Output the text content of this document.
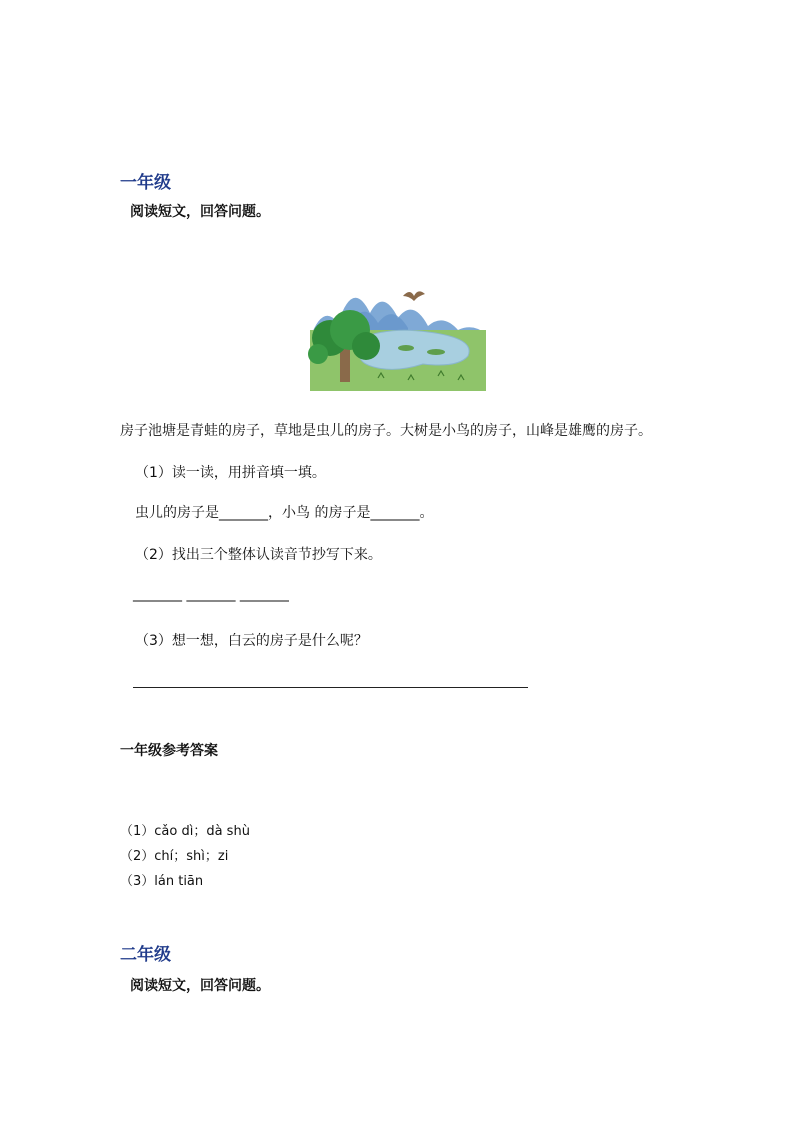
一年级
阅读短文，回答问题。
房子池塘是青蛙的房子，草地是虫儿的房子。大树是小鸟的房子，山峰是雄鹰的房子。
（1）读一读，用拼音填一填。
虫儿的房子是_______，小鸟 的房子是_______。
（2）找出三个整体认读音节抄写下来。
_______ _______ _______
（3）想一想，白云的房子是什么呢？
一年级参考答案
（1）cǎo dì；dà shù
（2）chí；shì；zi
（3）lán tiān
二年级
阅读短文，回答问题。
